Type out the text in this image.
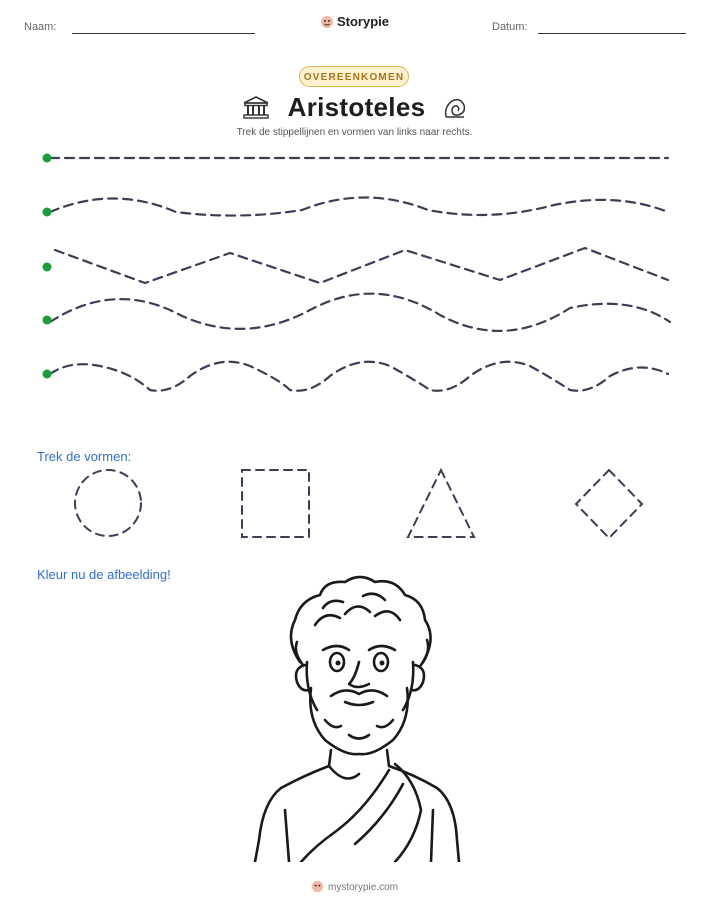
Naam:	Storypie	Datum:
OVEREENKOMEN
Aristoteles
Trek de stippellijnen en vormen van links naar rechts.
Trek de vormen:
Kleur nu de afbeelding!
mystorypie.com
